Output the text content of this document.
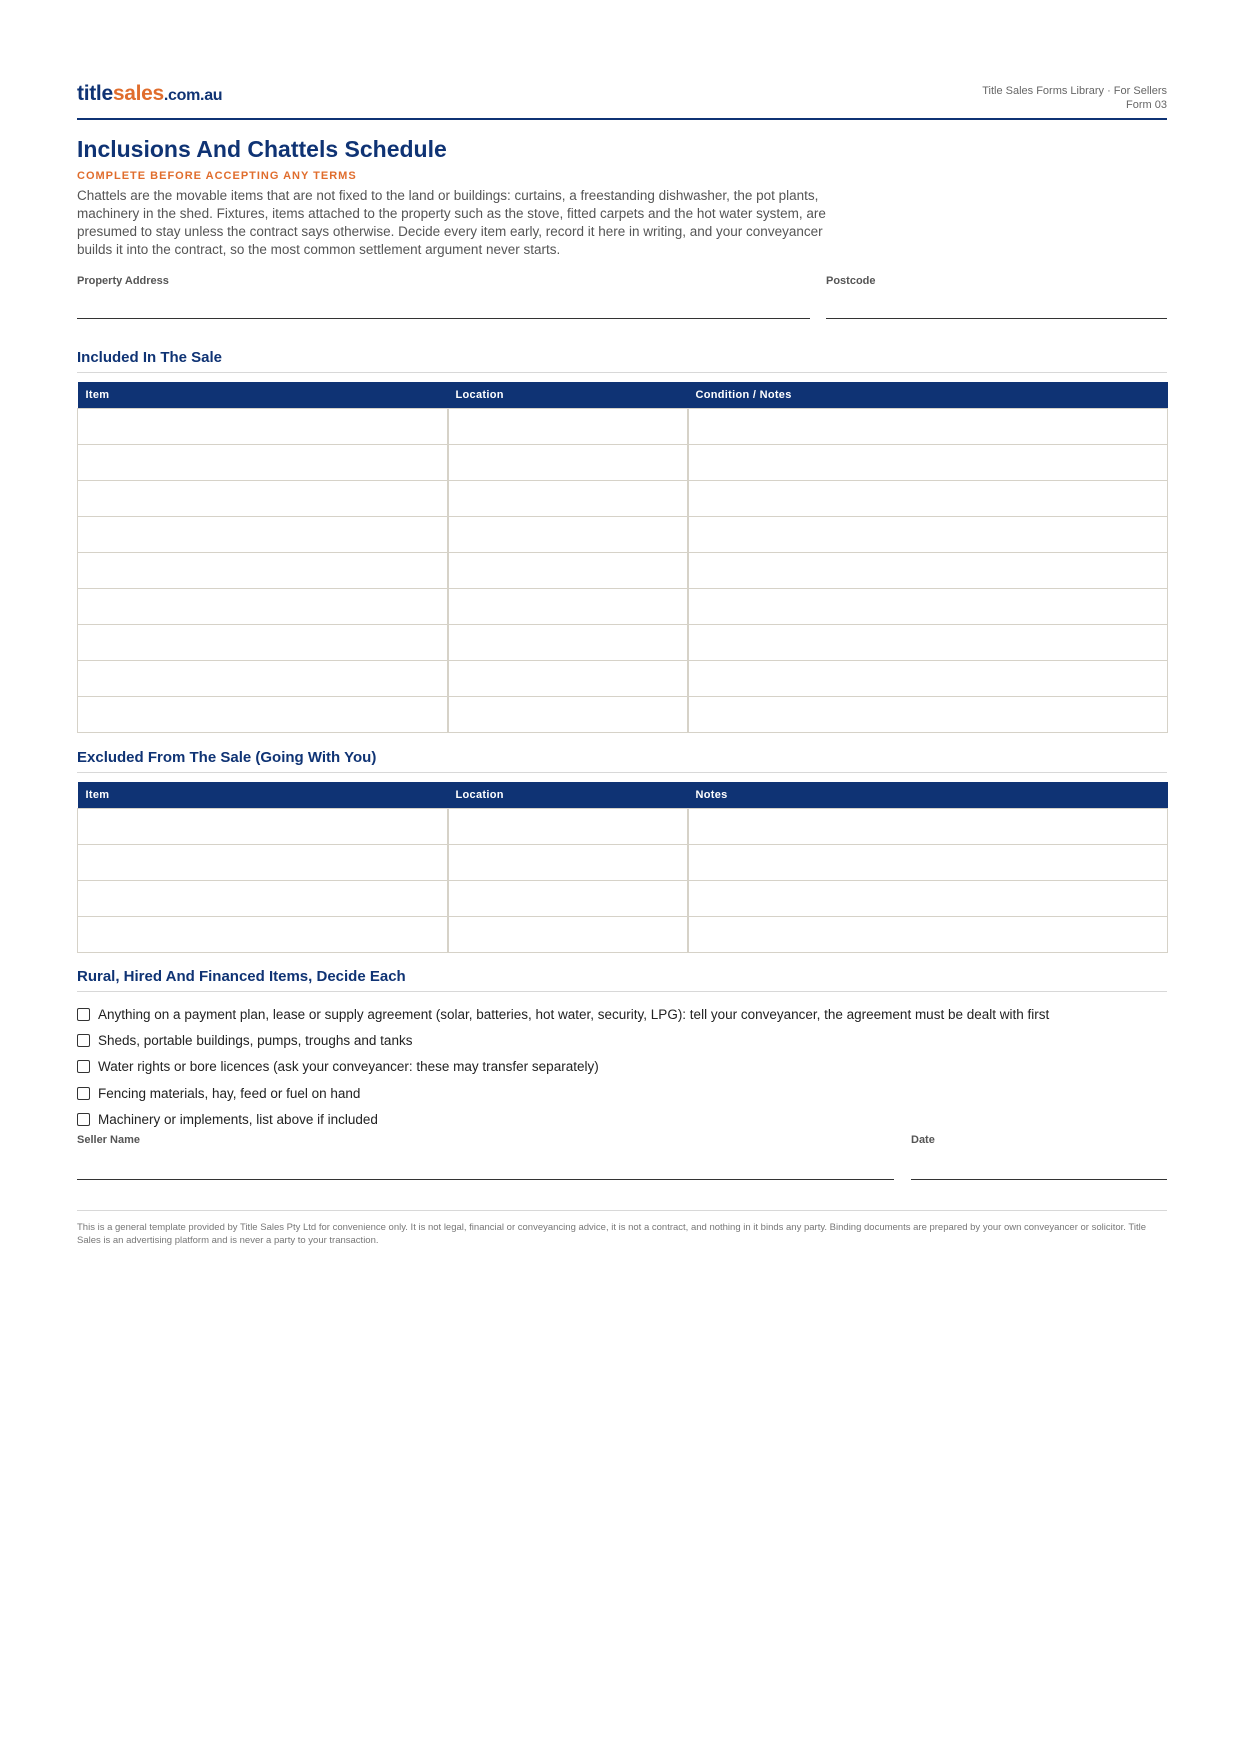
titlesales.com.au	Title Sales Forms Library · For Sellers
Form 03
Inclusions And Chattels Schedule
COMPLETE BEFORE ACCEPTING ANY TERMS

Chattels are the movable items that are not fixed to the land or buildings: curtains, a freestanding dishwasher, the pot plants, machinery in the shed. Fixtures, items attached to the property such as the stove, fitted carpets and the hot water system, are presumed to stay unless the contract says otherwise. Decide every item early, record it here in writing, and your conveyancer builds it into the contract, so the most common settlement argument never starts.

Property Address	Postcode
Included In The Sale
Item	Location	Condition / Notes

Excluded From The Sale (Going With You)
Item	Location	Notes

Rural, Hired And Financed Items, Decide Each
Anything on a payment plan, lease or supply agreement (solar, batteries, hot water, security, LPG): tell your conveyancer, the agreement must be dealt with first
Sheds, portable buildings, pumps, troughs and tanks
Water rights or bore licences (ask your conveyancer: these may transfer separately)
Fencing materials, hay, feed or fuel on hand
Machinery or implements, list above if included
Seller Name	Date
This is a general template provided by Title Sales Pty Ltd for convenience only. It is not legal, financial or conveyancing advice, it is not a contract, and nothing in it binds any party. Binding documents are prepared by your own conveyancer or solicitor. Title Sales is an advertising platform and is never a party to your transaction.
